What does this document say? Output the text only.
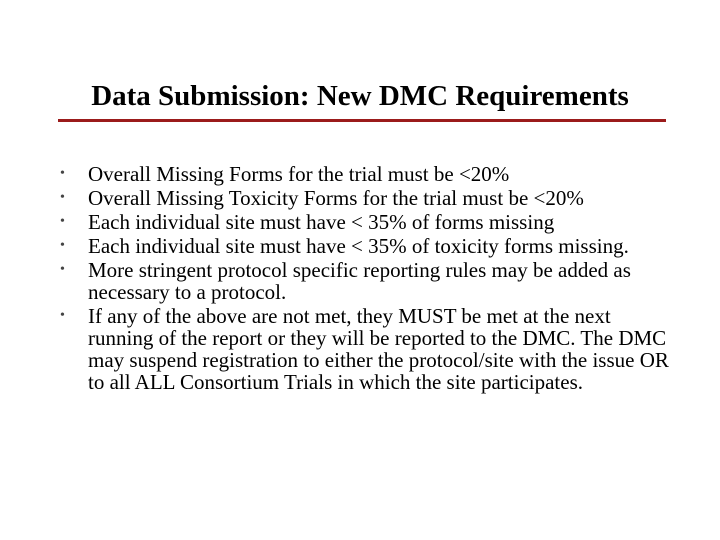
Data Submission: New DMC Requirements
• Overall Missing Forms for the trial must be <20%
• Overall Missing Toxicity Forms for the trial must be <20%
• Each individual site must have < 35% of forms missing
• Each individual site must have < 35% of toxicity forms missing.
• More stringent protocol specific reporting rules may be added as necessary to a protocol.
• If any of the above are not met, they MUST be met at the next running of the report or they will be reported to the DMC. The DMC may suspend registration to either the protocol/site with the issue OR to all ALL Consortium Trials in which the site participates.
